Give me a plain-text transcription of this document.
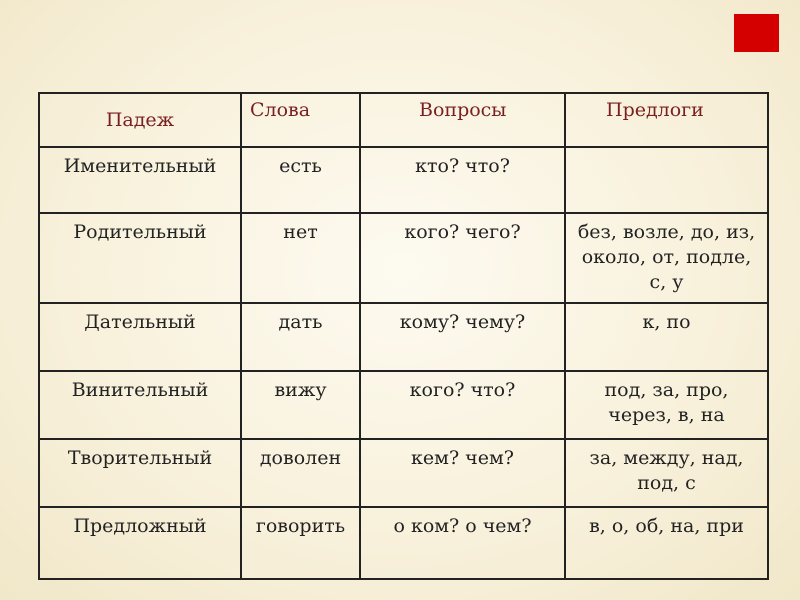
Падеж	Слова	Вопросы	Предлоги
Именительный	есть	кто? что?	
Родительный	нет	кого? чего?	без, возле, до, из, около, от, подле, с, у
Дательный	дать	кому? чему?	к, по
Винительный	вижу	кого? что?	под, за, про, через, в, на
Творительный	доволен	кем? чем?	за, между, над, под, с
Предложный	говорить	о ком? о чем?	в, о, об, на, при
